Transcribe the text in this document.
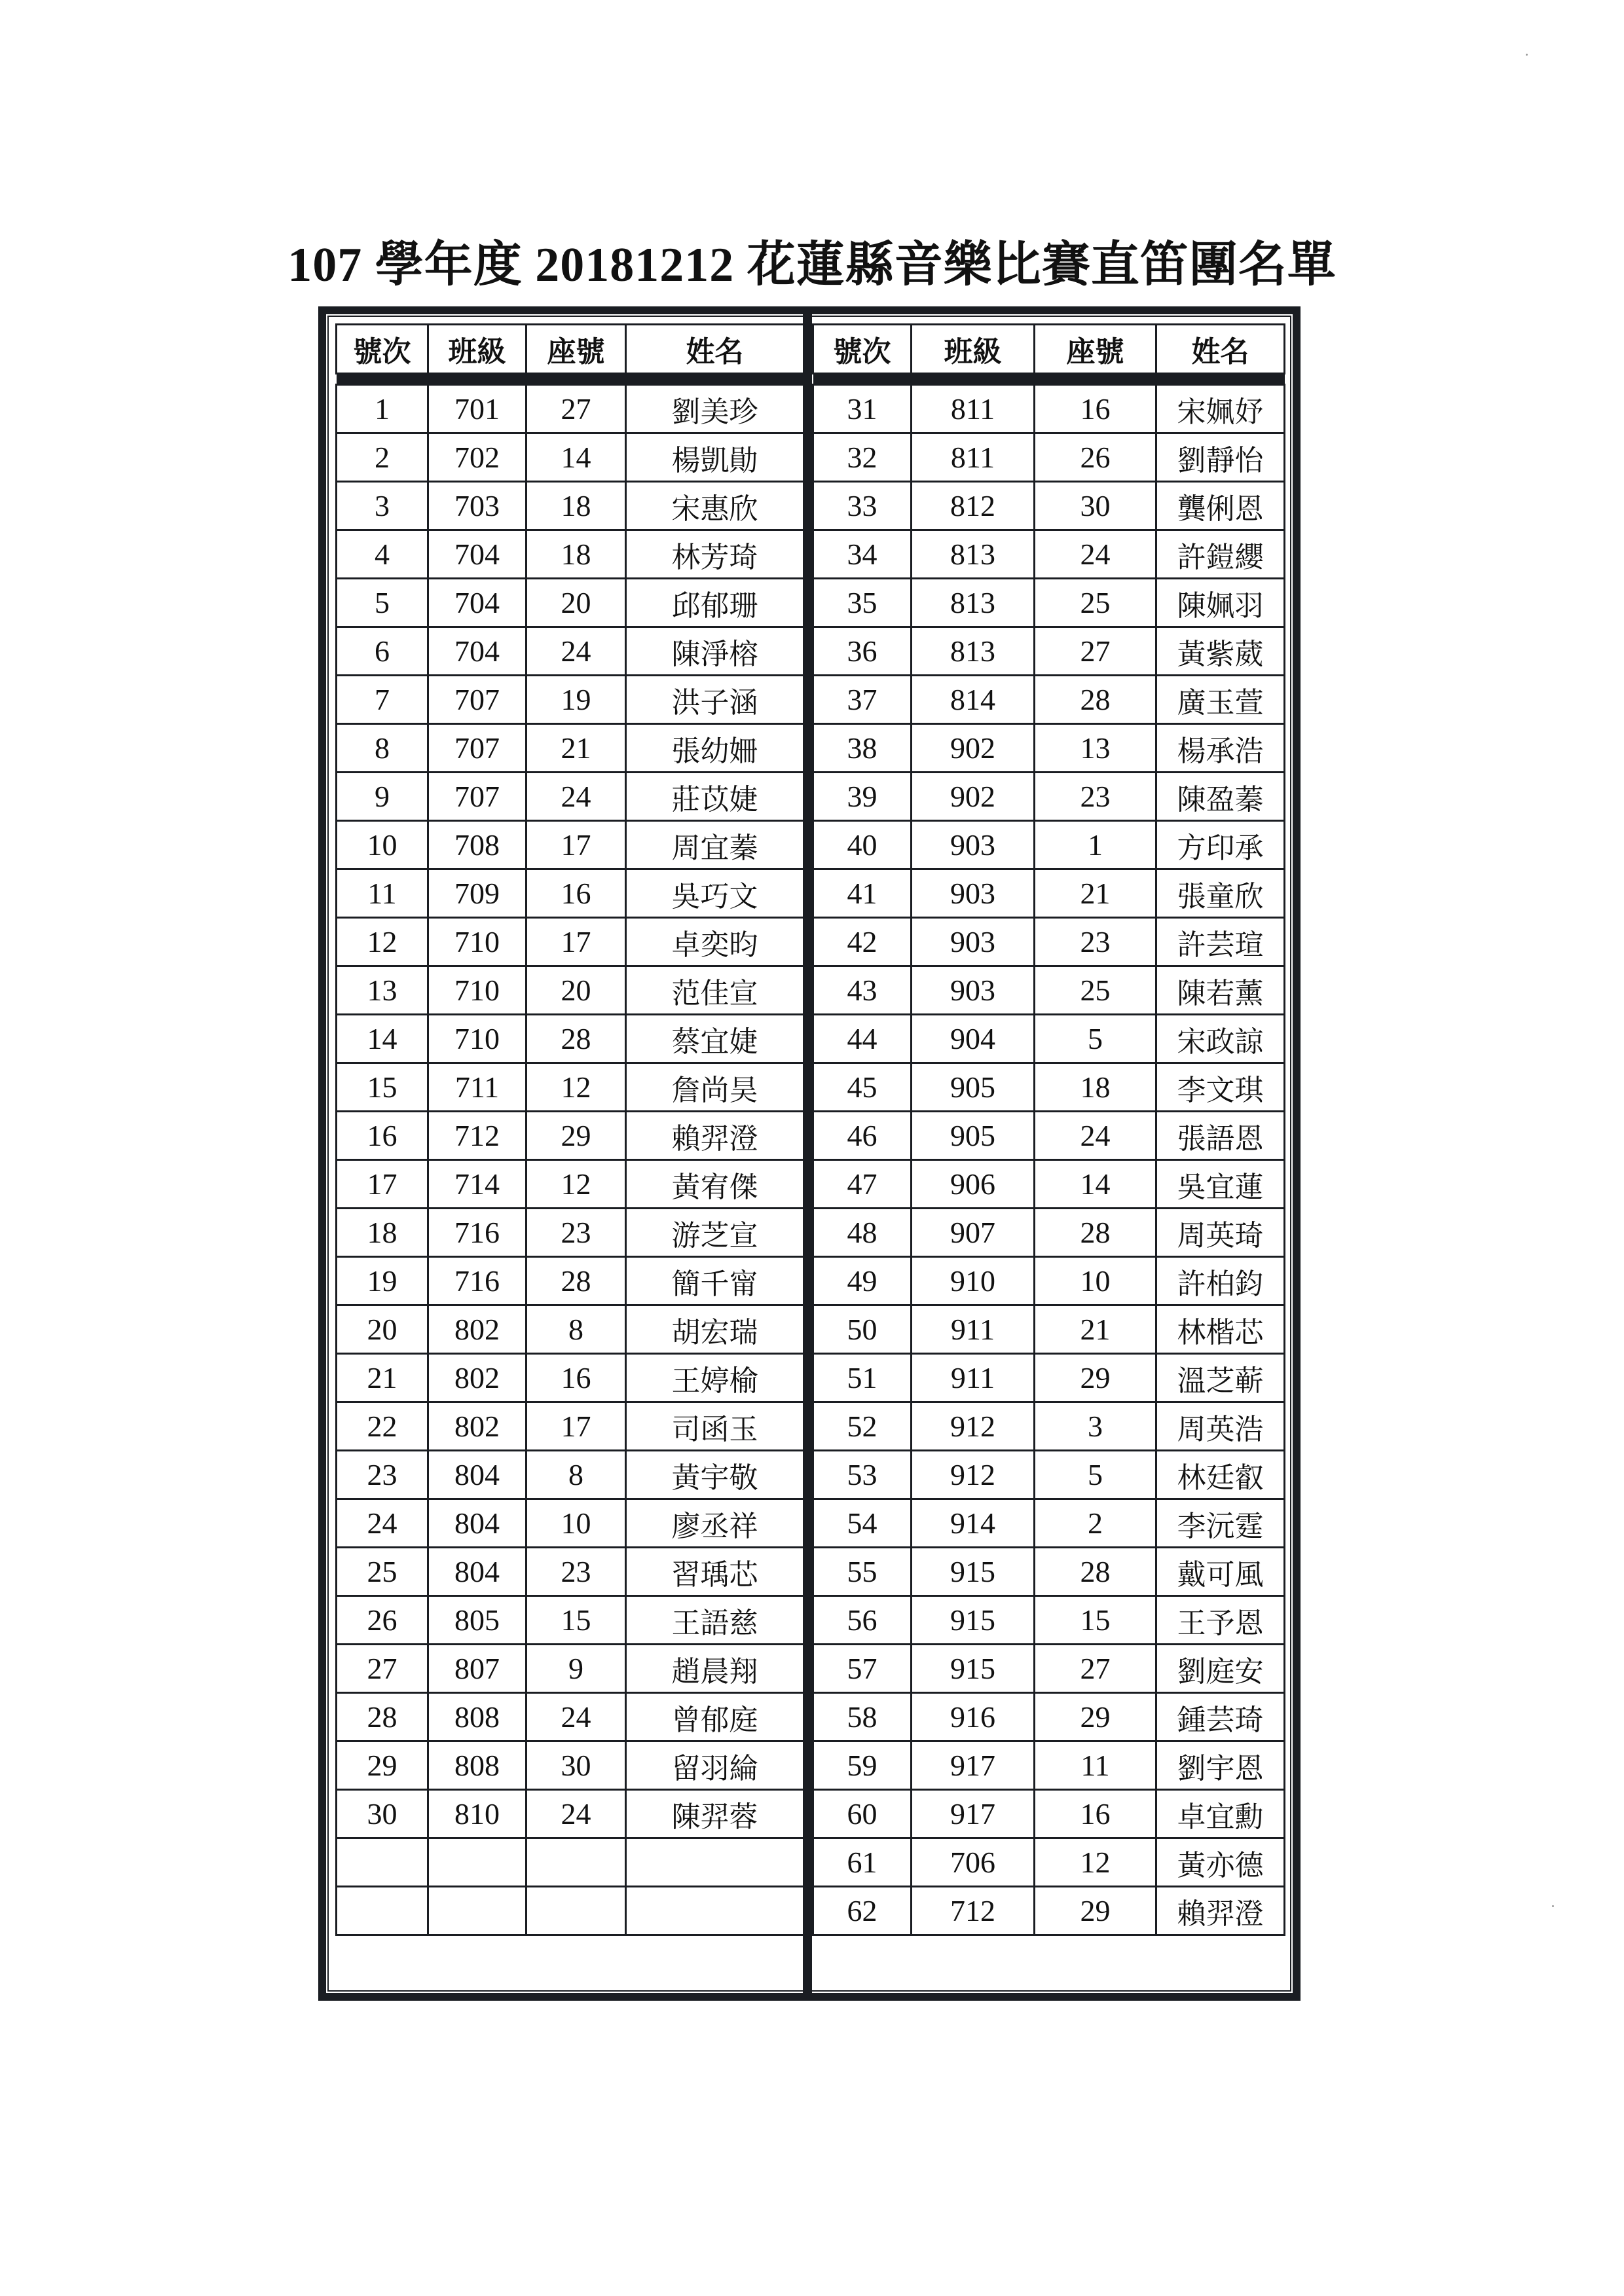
107 學年度 20181212 花蓮縣音樂比賽直笛團名單
號次	班級	座號	姓名

1	701	27	劉美珍
2	702	14	楊凱勛
3	703	18	宋惠欣
4	704	18	林芳琦
5	704	20	邱郁珊
6	704	24	陳淨榕
7	707	19	洪子涵
8	707	21	張幼姍
9	707	24	莊苡婕
10	708	17	周宜蓁
11	709	16	吳巧文
12	710	17	卓奕昀
13	710	20	范佳宣
14	710	28	蔡宜婕
15	711	12	詹尚昊
16	712	29	賴羿澄
17	714	12	黃宥傑
18	716	23	游芝宣
19	716	28	簡千甯
20	802	8	胡宏瑞
21	802	16	王婷榆
22	802	17	司函玉
23	804	8	黃宇敬
24	804	10	廖丞祥
25	804	23	習瑀芯
26	805	15	王語慈
27	807	9	趙晨翔
28	808	24	曾郁庭
29	808	30	留羽綸
30	810	24	陳羿蓉

號次	班級	座號	姓名

31	811	16	宋姵妤
32	811	26	劉靜怡
33	812	30	龔俐恩
34	813	24	許鎧纓
35	813	25	陳姵羽
36	813	27	黃紫葳
37	814	28	廣玉萱
38	902	13	楊承浩
39	902	23	陳盈蓁
40	903	1	方印承
41	903	21	張童欣
42	903	23	許芸瑄
43	903	25	陳若薰
44	904	5	宋政諒
45	905	18	李文琪
46	905	24	張語恩
47	906	14	吳宜蓮
48	907	28	周英琦
49	910	10	許柏鈞
50	911	21	林楷芯
51	911	29	溫芝蕲
52	912	3	周英浩
53	912	5	林廷叡
54	914	2	李沅霆
55	915	28	戴可風
56	915	15	王予恩
57	915	27	劉庭安
58	916	29	鍾芸琦
59	917	11	劉宇恩
60	917	16	卓宜勳
61	706	12	黃亦德
62	712	29	賴羿澄
